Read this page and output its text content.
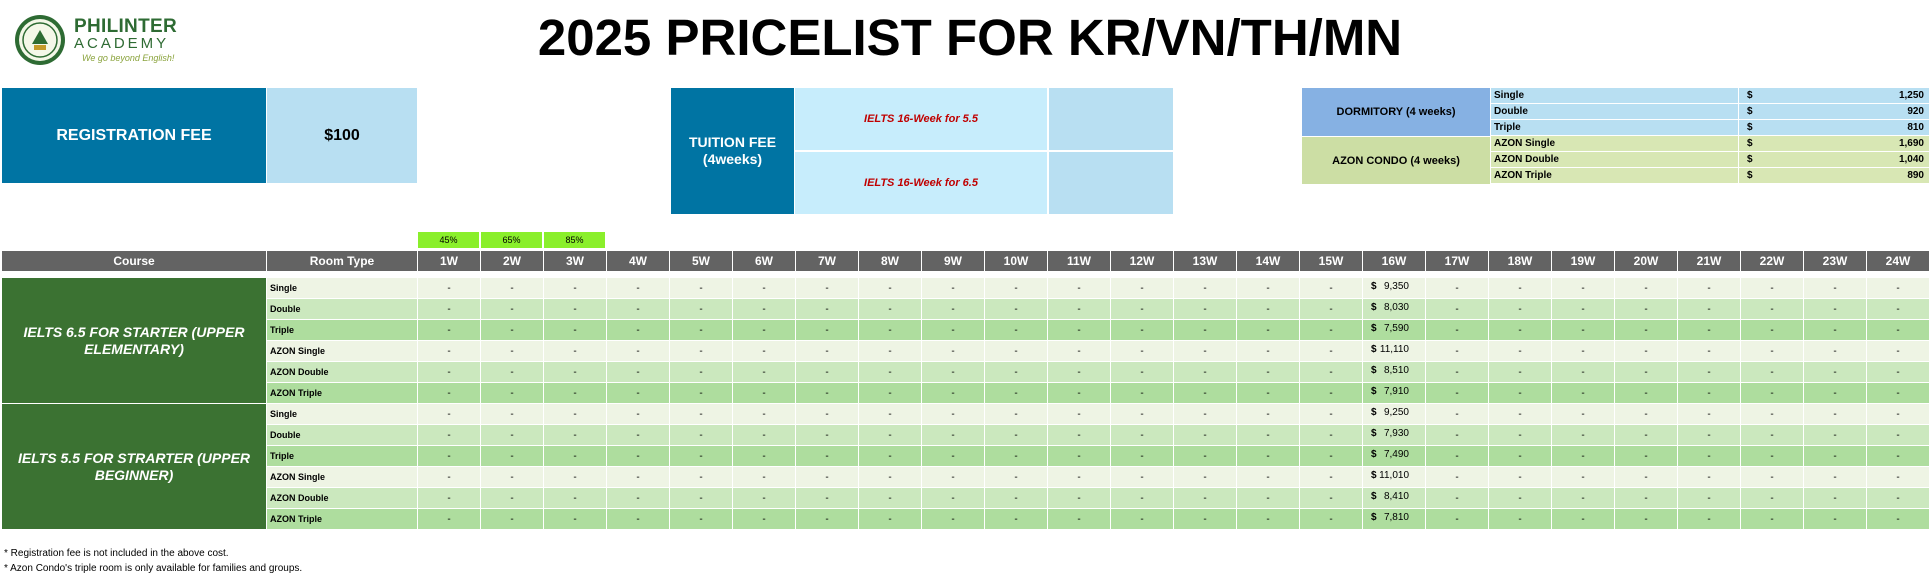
PHILINTER
ACADEMY
We go beyond English!	2025 PRICELIST FOR KR/VN/TH/MN
REGISTRATION FEE	$100	TUITION FEE (4weeks)
IELTS 16-Week for 5.5
IELTS 16-Week for 6.5
DORMITORY (4 weeks)
AZON CONDO (4 weeks)
Single	$	1,250
Double	$	920
Triple	$	810
AZON Single	$	1,690
AZON Double	$	1,040
AZON Triple	$	890
45%	65%	85%
Course	Room Type	1W	2W	3W	4W	5W	6W	7W	8W	9W	10W	11W	12W	13W	14W	15W	16W	17W	18W	19W	20W	21W	22W	23W	24W
IELTS 6.5 FOR STARTER (UPPER ELEMENTARY)
Single	-	-	-	-	-	-	-	-	-	-	-	-	-	-	-	$ 9,350	-	-	-	-	-	-	-	-
Double	-	-	-	-	-	-	-	-	-	-	-	-	-	-	-	$ 8,030	-	-	-	-	-	-	-	-
Triple	-	-	-	-	-	-	-	-	-	-	-	-	-	-	-	$ 7,590	-	-	-	-	-	-	-	-
AZON Single	-	-	-	-	-	-	-	-	-	-	-	-	-	-	-	$ 11,110	-	-	-	-	-	-	-	-
AZON Double	-	-	-	-	-	-	-	-	-	-	-	-	-	-	-	$ 8,510	-	-	-	-	-	-	-	-
AZON Triple	-	-	-	-	-	-	-	-	-	-	-	-	-	-	-	$ 7,910	-	-	-	-	-	-	-	-
IELTS 5.5 FOR STRARTER (UPPER BEGINNER)
Single	-	-	-	-	-	-	-	-	-	-	-	-	-	-	-	$ 9,250	-	-	-	-	-	-	-	-
Double	-	-	-	-	-	-	-	-	-	-	-	-	-	-	-	$ 7,930	-	-	-	-	-	-	-	-
Triple	-	-	-	-	-	-	-	-	-	-	-	-	-	-	-	$ 7,490	-	-	-	-	-	-	-	-
AZON Single	-	-	-	-	-	-	-	-	-	-	-	-	-	-	-	$ 11,010	-	-	-	-	-	-	-	-
AZON Double	-	-	-	-	-	-	-	-	-	-	-	-	-	-	-	$ 8,410	-	-	-	-	-	-	-	-
AZON Triple	-	-	-	-	-	-	-	-	-	-	-	-	-	-	-	$ 7,810	-	-	-	-	-	-	-	-
* Registration fee is not included in the above cost.
* Azon Condo's triple room is only available for families and groups.
